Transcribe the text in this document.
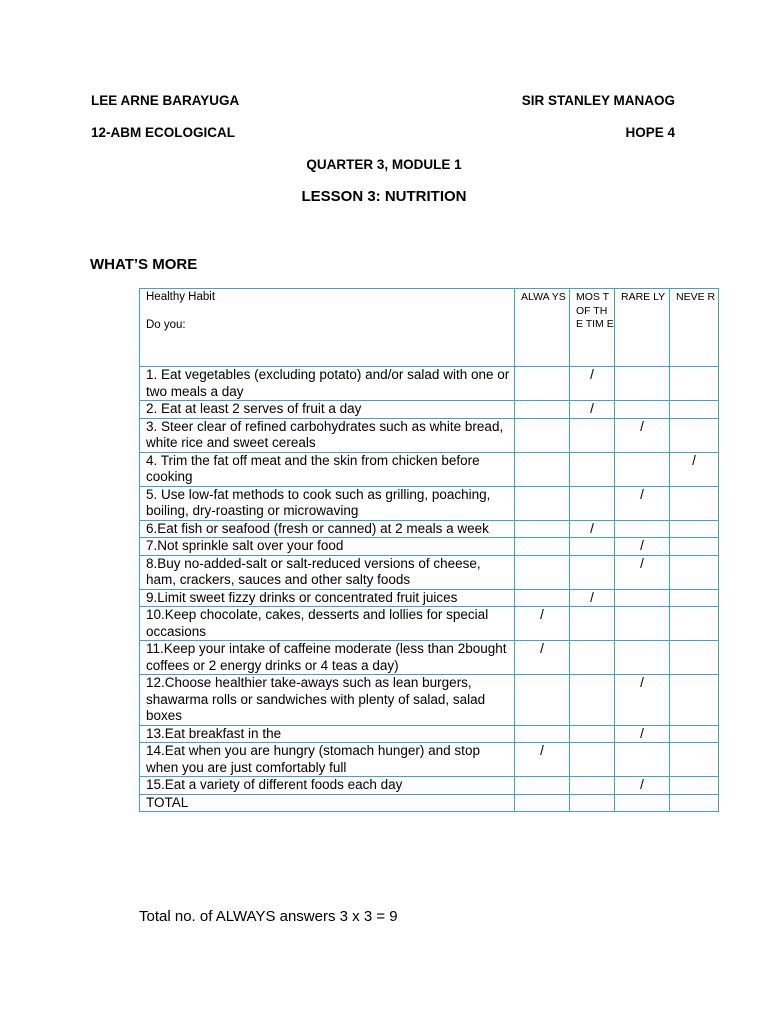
LEE ARNE BARAYUGA	SIR STANLEY MANAOG
12-ABM ECOLOGICAL	HOPE 4
QUARTER 3, MODULE 1
LESSON 3: NUTRITION
WHAT’S MORE
Healthy Habit
Do you:	ALWA YS	MOS T OF THE TIM E	RARE LY	NEVE R
1. Eat vegetables (excluding potato) and/or salad with one or two meals a day		/		
2. Eat at least 2 serves of fruit a day		/		
3. Steer clear of refined carbohydrates such as white bread, white rice and sweet cereals			/	
4. Trim the fat off meat and the skin from chicken before cooking				/
5. Use low-fat methods to cook such as grilling, poaching, boiling, dry-roasting or microwaving			/	
6.Eat fish or seafood (fresh or canned) at 2 meals a week		/		
7.Not sprinkle salt over your food			/	
8.Buy no-added-salt or salt-reduced versions of cheese, ham, crackers, sauces and other salty foods			/	
9.Limit sweet fizzy drinks or concentrated fruit juices		/		
10.Keep chocolate, cakes, desserts and lollies for special occasions	/			
11.Keep your intake of caffeine moderate (less than 2bought coffees or 2 energy drinks or 4 teas a day)	/			
12.Choose healthier take-aways such as lean burgers, shawarma rolls or sandwiches with plenty of salad, salad boxes			/	
13.Eat breakfast in the			/	
14.Eat when you are hungry (stomach hunger) and stop when you are just comfortably full	/			
15.Eat a variety of different foods each day			/	
TOTAL				
Total no. of ALWAYS answers 3 x 3 = 9
